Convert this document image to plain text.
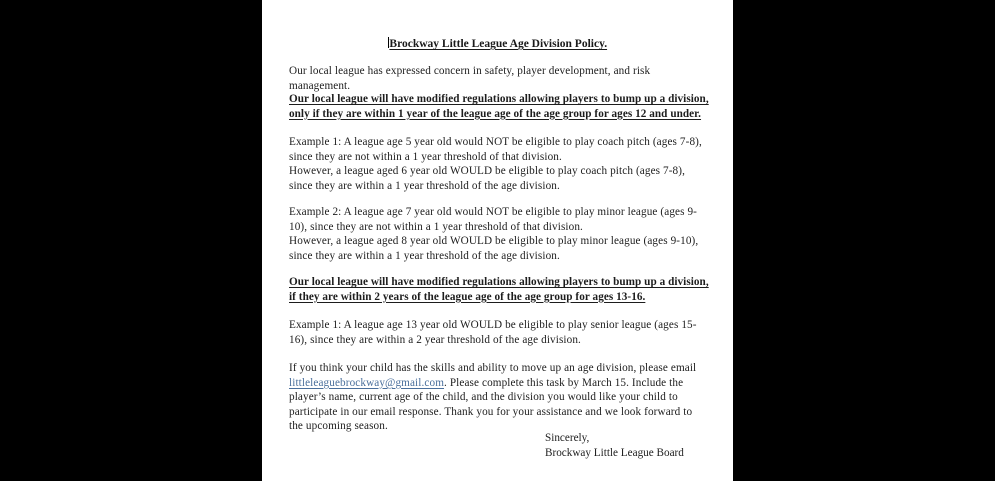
Brockway Little League Age Division Policy.
Our local league has expressed concern in safety, player development, and risk management.
Our local league will have modified regulations allowing players to bump up a division, only if they are within 1 year of the league age of the age group for ages 12 and under.
Example 1: A league age 5 year old would NOT be eligible to play coach pitch (ages 7-8), since they are not within a 1 year threshold of that division.
However, a league aged 6 year old WOULD be eligible to play coach pitch (ages 7-8), since they are within a 1 year threshold of the age division.
Example 2: A league age 7 year old would NOT be eligible to play minor league (ages 9-10), since they are not within a 1 year threshold of that division.
However, a league aged 8 year old WOULD be eligible to play minor league (ages 9-10), since they are within a 1 year threshold of the age division.
Our local league will have modified regulations allowing players to bump up a division, if they are within 2 years of the league age of the age group for ages 13-16.
Example 1: A league age 13 year old WOULD be eligible to play senior league (ages 15-16), since they are within a 2 year threshold of the age division.
If you think your child has the skills and ability to move up an age division, please email littleleaguebrockway@gmail.com. Please complete this task by March 15. Include the player’s name, current age of the child, and the division you would like your child to participate in our email response. Thank you for your assistance and we look forward to the upcoming season.
Sincerely,
Brockway Little League Board
